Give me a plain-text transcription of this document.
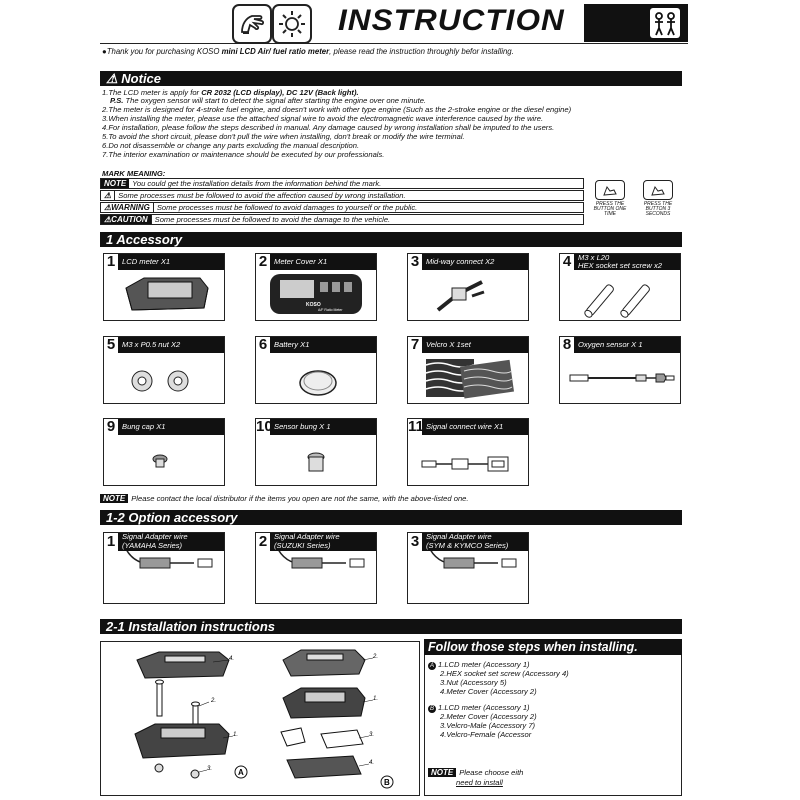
INSTRUCTION
●Thank you for purchasing KOSO mini LCD Air/ fuel ratio meter, please read the instruction throughly befor installing.
⚠ Notice
1.The LCD meter is apply for CR 2032 (LCD display), DC 12V (Back light).
P.S. The oxygen sensor will start to detect the signal after starting the engine over one minute.
2.The meter is designed for 4-stroke fuel engine, and doesn't work with other type engine (Such as the 2-stroke engine or the diesel engine)
3.When installing the meter, please use the attached signal wire to avoid the electromagnetic wave interference caused by the wire.
4.For installation, please follow the steps described in manual. Any damage caused by wrong installation shall be imputed to the users.
5.To avoid the short circuit, please don't pull the wire when installing, don't break or modify the wire terminal.
6.Do not disassemble or change any parts excluding the manual description.
7.The interior examination or maintenance should be executed by our professionals.
MARK MEANING:
NOTE You could get the installation details from the information behind the mark.
⚠ Some processes must be followed to avoid the affection caused by wrong installation.
⚠WARNING Some processes must be followed to avoid damages to yourself or the public.
⚠CAUTION Some processes must be followed to avoid the damage to the vehicle.
PRESS THE BUTTON ONE TIME
PRESS THE BUTTON 3 SECONDS
1 Accessory
1 LCD meter X1	2 Meter Cover X1
KOSO
A/F Ratio Meter
3 Mid-way connect X2	4 M3 x L20
HEX socket set screw x2
5 M3 x P0.5 nut X2	6 Battery X1	7 Velcro X 1set	8 Oxygen sensor X 1
9 Bung cap X1	10 Sensor bung X 1	11 Signal connect wire X1
NOTE Please contact the local distributor if the items you open are not the same, with the above-listed one.
1-2 Option accessory
1 Signal Adapter wire
(YAMAHA Series)	2 Signal Adapter wire
(SUZUKI Series)	3 Signal Adapter wire
(SYM & KYMCO Series)
2-1 Installation instructions
4.
2.
1.
3.	A
2.
1.
3.
4.
B
Follow those steps when installing.
A 1.LCD meter (Accessory 1)
2.HEX socket set screw (Accessory 4)
3.Nut (Accessory 5)
4.Meter Cover (Accessory 2)
B 1.LCD meter (Accessory 1)
2.Meter Cover (Accessory 2)
3.Velcro-Male (Accessory 7)
4.Velcro-Female (Accessor
NOTE Please choose eith
need to install
